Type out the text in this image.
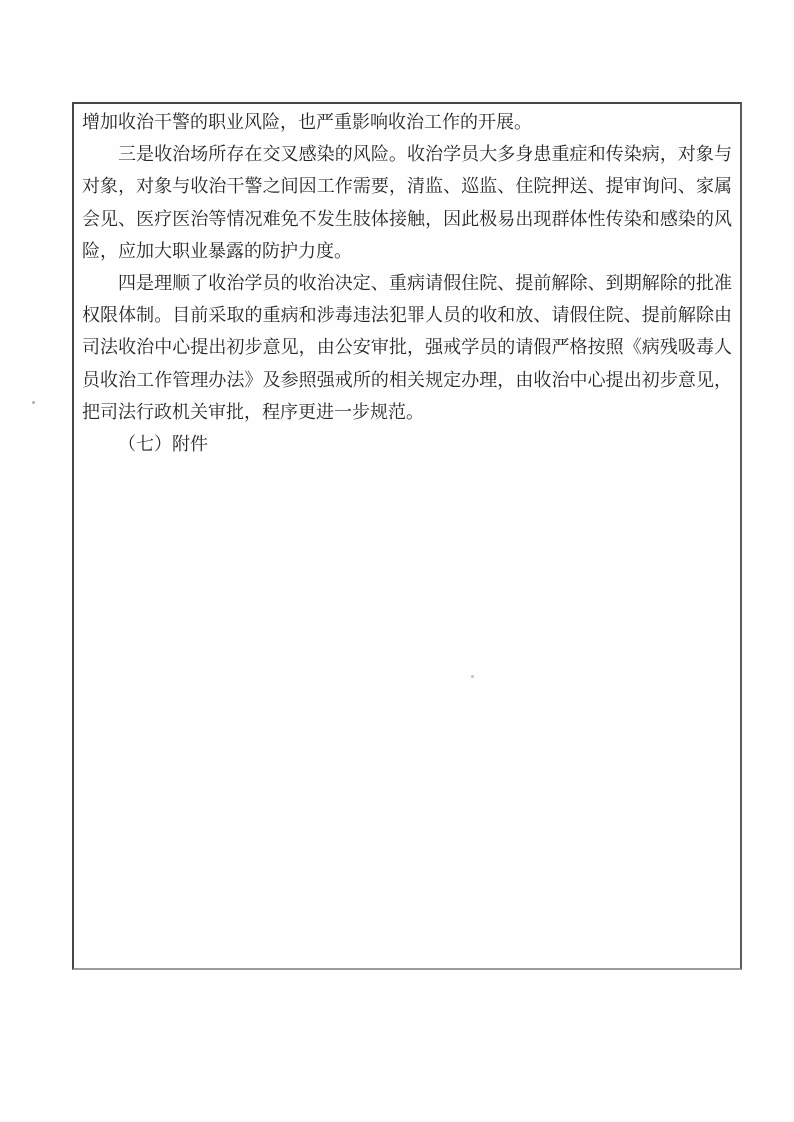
增加收治干警的职业风险，也严重影响收治工作的开展。
三是收治场所存在交叉感染的风险。收治学员大多身患重症和传染病，对象与
对象，对象与收治干警之间因工作需要，清监、巡监、住院押送、提审询问、家属
会见、医疗医治等情况难免不发生肢体接触，因此极易出现群体性传染和感染的风
险，应加大职业暴露的防护力度。
四是理顺了收治学员的收治决定、重病请假住院、提前解除、到期解除的批准
权限体制。目前采取的重病和涉毒违法犯罪人员的收和放、请假住院、提前解除由
司法收治中心提出初步意见，由公安审批，强戒学员的请假严格按照《病残吸毒人
员收治工作管理办法》及参照强戒所的相关规定办理，由收治中心提出初步意见，
把司法行政机关审批，程序更进一步规范。
（七）附件
